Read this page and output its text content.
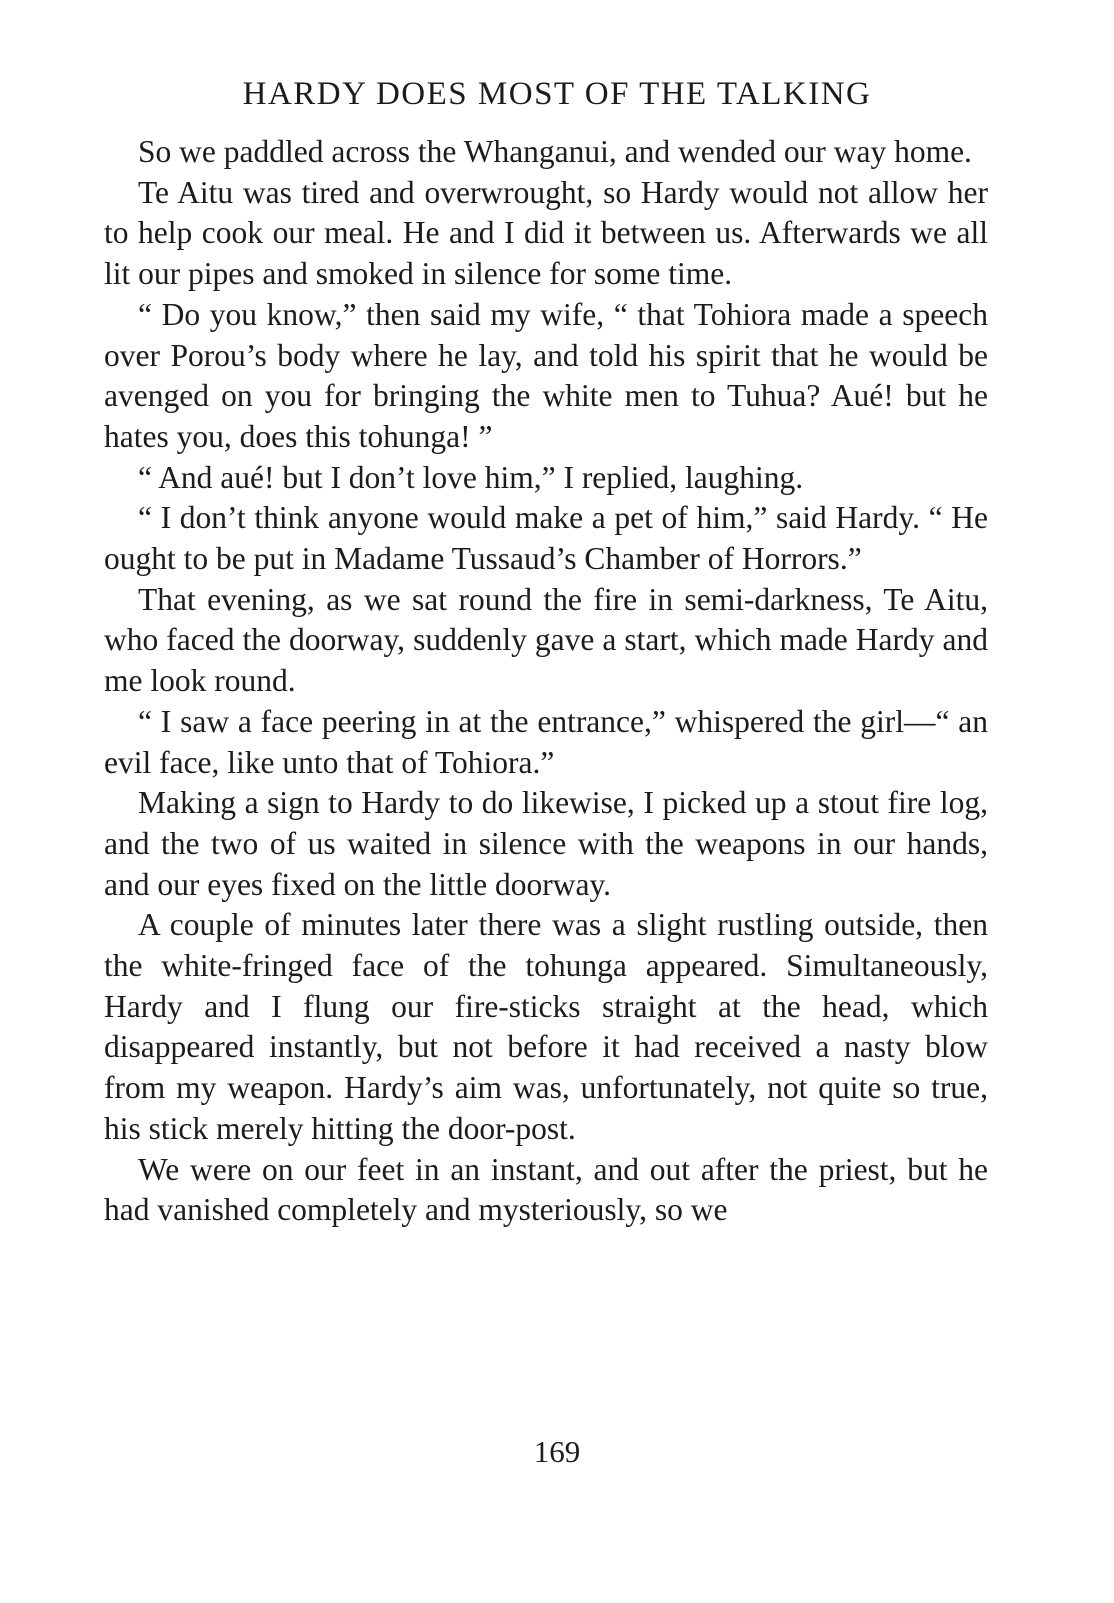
HARDY DOES MOST OF THE TALKING

So we paddled across the Whanganui, and wended our way home.

Te Aitu was tired and overwrought, so Hardy would not allow her to help cook our meal. He and I did it between us. Afterwards we all lit our pipes and smoked in silence for some time.

“ Do you know,” then said my wife, “ that Tohiora made a speech over Porou’s body where he lay, and told his spirit that he would be avenged on you for bringing the white men to Tuhua? Aué! but he hates you, does this tohunga! ”

“ And aué! but I don’t love him,” I replied, laughing.

“ I don’t think anyone would make a pet of him,” said Hardy. “ He ought to be put in Madame Tussaud’s Chamber of Horrors.”

That evening, as we sat round the fire in semi-darkness, Te Aitu, who faced the doorway, suddenly gave a start, which made Hardy and me look round.

“ I saw a face peering in at the entrance,” whispered the girl—“ an evil face, like unto that of Tohiora.”

Making a sign to Hardy to do likewise, I picked up a stout fire log, and the two of us waited in silence with the weapons in our hands, and our eyes fixed on the little doorway.

A couple of minutes later there was a slight rustling outside, then the white-fringed face of the tohunga appeared. Simultaneously, Hardy and I flung our fire-sticks straight at the head, which disappeared instantly, but not before it had received a nasty blow from my weapon. Hardy’s aim was, unfortunately, not quite so true, his stick merely hitting the door-post.

We were on our feet in an instant, and out after the priest, but he had vanished completely and mysteriously, so we

169
